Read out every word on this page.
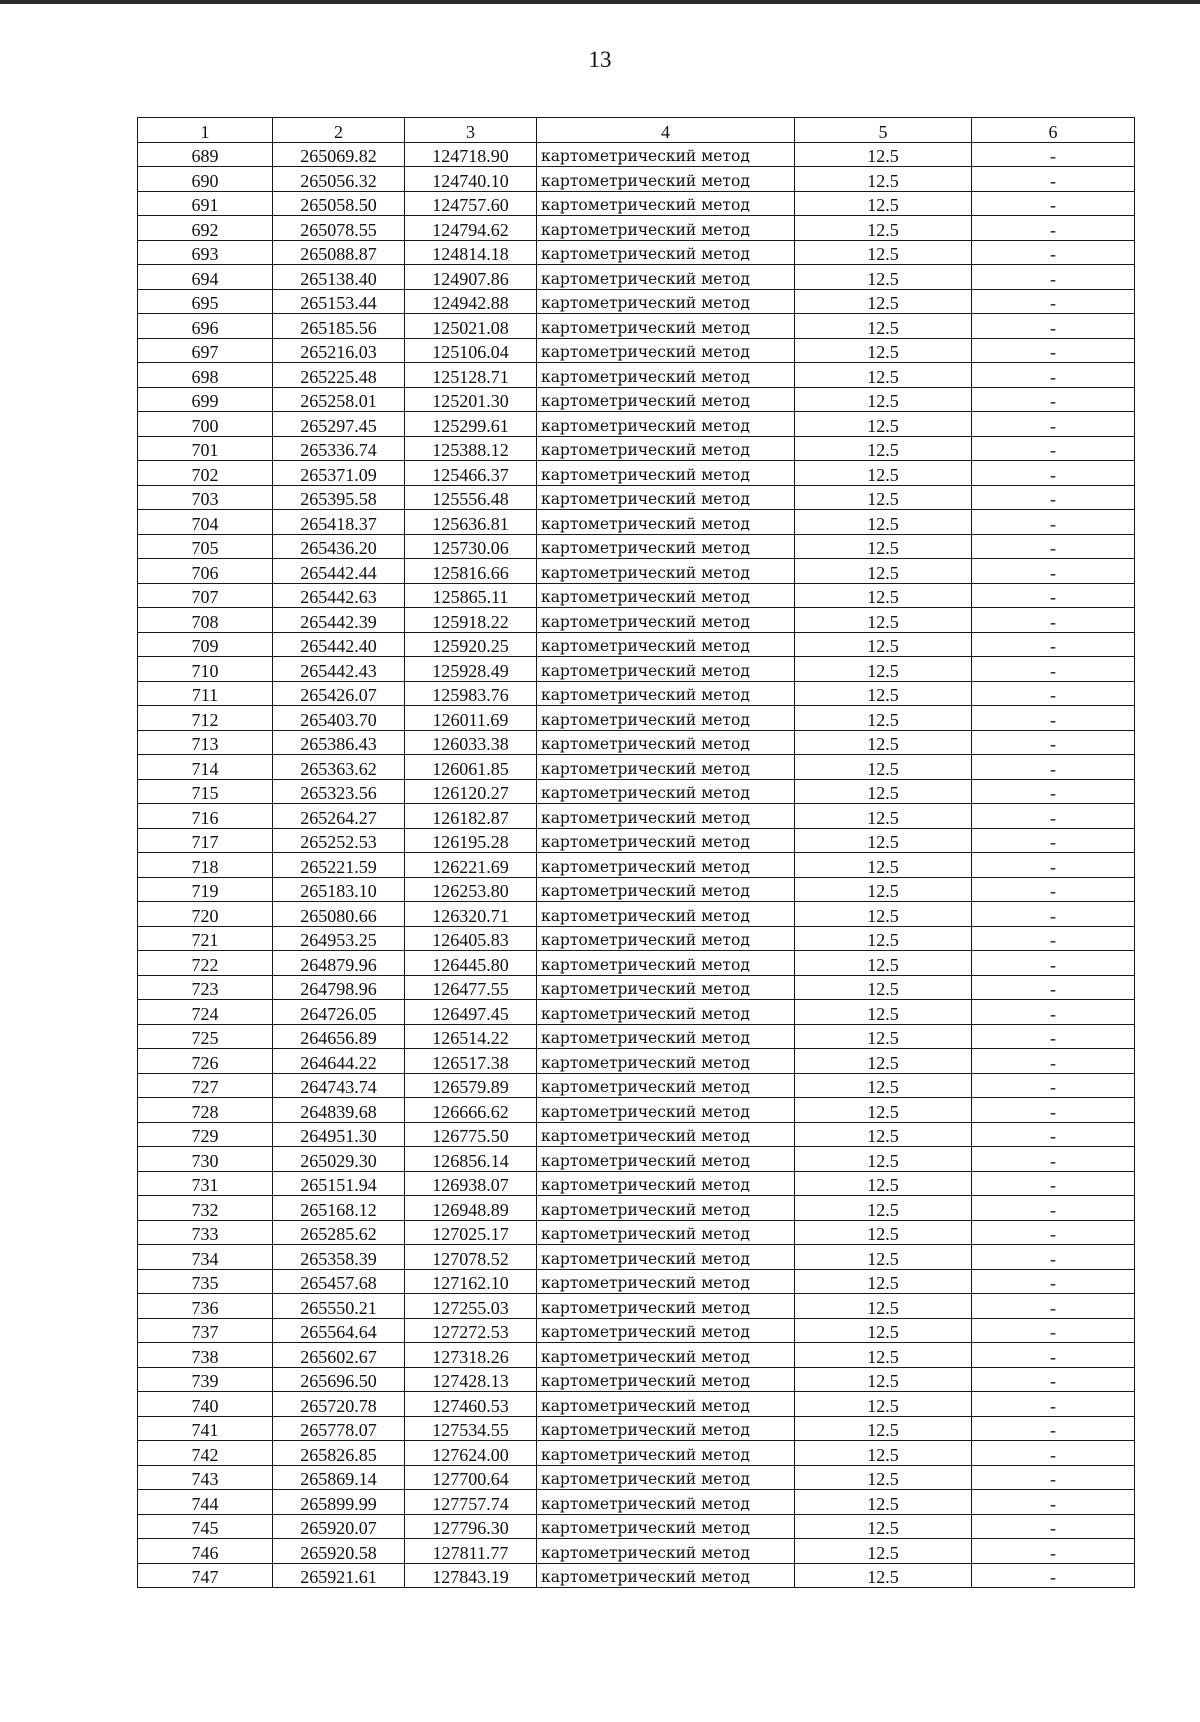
13
1	2	3	4	5	6
689	265069.82	124718.90	картометрический метод	12.5	-
690	265056.32	124740.10	картометрический метод	12.5	-
691	265058.50	124757.60	картометрический метод	12.5	-
692	265078.55	124794.62	картометрический метод	12.5	-
693	265088.87	124814.18	картометрический метод	12.5	-
694	265138.40	124907.86	картометрический метод	12.5	-
695	265153.44	124942.88	картометрический метод	12.5	-
696	265185.56	125021.08	картометрический метод	12.5	-
697	265216.03	125106.04	картометрический метод	12.5	-
698	265225.48	125128.71	картометрический метод	12.5	-
699	265258.01	125201.30	картометрический метод	12.5	-
700	265297.45	125299.61	картометрический метод	12.5	-
701	265336.74	125388.12	картометрический метод	12.5	-
702	265371.09	125466.37	картометрический метод	12.5	-
703	265395.58	125556.48	картометрический метод	12.5	-
704	265418.37	125636.81	картометрический метод	12.5	-
705	265436.20	125730.06	картометрический метод	12.5	-
706	265442.44	125816.66	картометрический метод	12.5	-
707	265442.63	125865.11	картометрический метод	12.5	-
708	265442.39	125918.22	картометрический метод	12.5	-
709	265442.40	125920.25	картометрический метод	12.5	-
710	265442.43	125928.49	картометрический метод	12.5	-
711	265426.07	125983.76	картометрический метод	12.5	-
712	265403.70	126011.69	картометрический метод	12.5	-
713	265386.43	126033.38	картометрический метод	12.5	-
714	265363.62	126061.85	картометрический метод	12.5	-
715	265323.56	126120.27	картометрический метод	12.5	-
716	265264.27	126182.87	картометрический метод	12.5	-
717	265252.53	126195.28	картометрический метод	12.5	-
718	265221.59	126221.69	картометрический метод	12.5	-
719	265183.10	126253.80	картометрический метод	12.5	-
720	265080.66	126320.71	картометрический метод	12.5	-
721	264953.25	126405.83	картометрический метод	12.5	-
722	264879.96	126445.80	картометрический метод	12.5	-
723	264798.96	126477.55	картометрический метод	12.5	-
724	264726.05	126497.45	картометрический метод	12.5	-
725	264656.89	126514.22	картометрический метод	12.5	-
726	264644.22	126517.38	картометрический метод	12.5	-
727	264743.74	126579.89	картометрический метод	12.5	-
728	264839.68	126666.62	картометрический метод	12.5	-
729	264951.30	126775.50	картометрический метод	12.5	-
730	265029.30	126856.14	картометрический метод	12.5	-
731	265151.94	126938.07	картометрический метод	12.5	-
732	265168.12	126948.89	картометрический метод	12.5	-
733	265285.62	127025.17	картометрический метод	12.5	-
734	265358.39	127078.52	картометрический метод	12.5	-
735	265457.68	127162.10	картометрический метод	12.5	-
736	265550.21	127255.03	картометрический метод	12.5	-
737	265564.64	127272.53	картометрический метод	12.5	-
738	265602.67	127318.26	картометрический метод	12.5	-
739	265696.50	127428.13	картометрический метод	12.5	-
740	265720.78	127460.53	картометрический метод	12.5	-
741	265778.07	127534.55	картометрический метод	12.5	-
742	265826.85	127624.00	картометрический метод	12.5	-
743	265869.14	127700.64	картометрический метод	12.5	-
744	265899.99	127757.74	картометрический метод	12.5	-
745	265920.07	127796.30	картометрический метод	12.5	-
746	265920.58	127811.77	картометрический метод	12.5	-
747	265921.61	127843.19	картометрический метод	12.5	-
